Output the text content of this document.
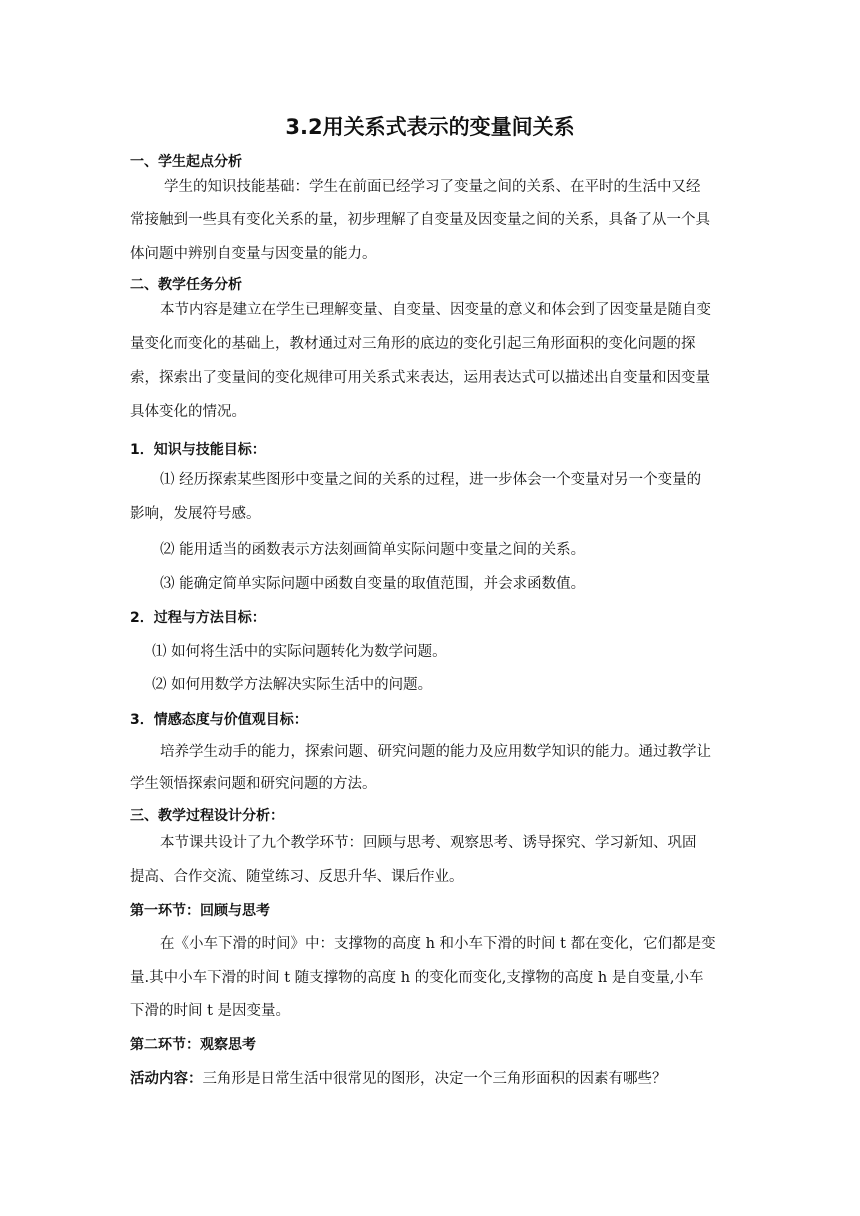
3.2用关系式表示的变量间关系
一、学生起点分析
学生的知识技能基础：学生在前面已经学习了变量之间的关系、在平时的生活中又经
常接触到一些具有变化关系的量，初步理解了自变量及因变量之间的关系，具备了从一个具
体问题中辨别自变量与因变量的能力。
二、教学任务分析
本节内容是建立在学生已理解变量、自变量、因变量的意义和体会到了因变量是随自变
量变化而变化的基础上，教材通过对三角形的底边的变化引起三角形面积的变化问题的探
索，探索出了变量间的变化规律可用关系式来表达，运用表达式可以描述出自变量和因变量
具体变化的情况。
1．知识与技能目标：
⑴ 经历探索某些图形中变量之间的关系的过程，进一步体会一个变量对另一个变量的
影响，发展符号感。
⑵ 能用适当的函数表示方法刻画简单实际问题中变量之间的关系。
⑶ 能确定简单实际问题中函数自变量的取值范围，并会求函数值。
2．过程与方法目标：
⑴ 如何将生活中的实际问题转化为数学问题。
⑵ 如何用数学方法解决实际生活中的问题。
3．情感态度与价值观目标：
培养学生动手的能力，探索问题、研究问题的能力及应用数学知识的能力。通过教学让
学生领悟探索问题和研究问题的方法。
三、教学过程设计分析：
本节课共设计了九个教学环节：回顾与思考、观察思考、诱导探究、学习新知、巩固
提高、合作交流、随堂练习、反思升华、课后作业。
第一环节：回顾与思考
在《小车下滑的时间》中：支撑物的高度 h 和小车下滑的时间 t 都在变化，它们都是变
量.其中小车下滑的时间 t 随支撑物的高度 h 的变化而变化,支撑物的高度 h 是自变量,小车
下滑的时间 t 是因变量。
第二环节：观察思考
活动内容：三角形是日常生活中很常见的图形，决定一个三角形面积的因素有哪些？
